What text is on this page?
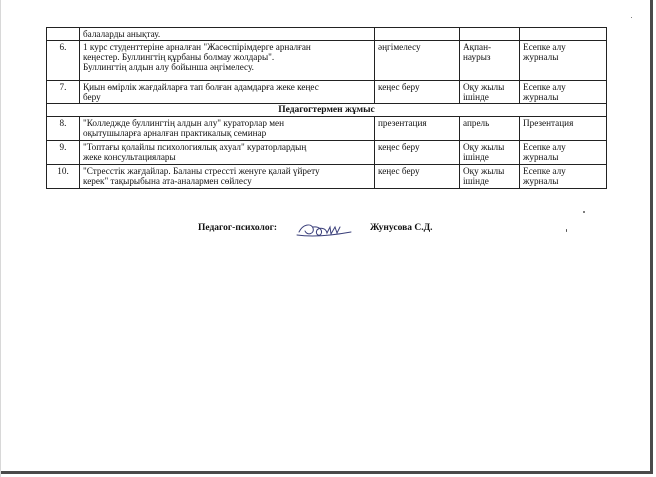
	балаларды анықтау.			

6.	1 курс студенттеріне арналған "Жасөспірімдерге арналған
кеңестер. Буллингтің құрбаны болмау жолдары".
Буллингтің алдын алу бойынша әңгімелесу.	әңгімелесу	Ақпан-наурыз	Есепке алу журналы
7.	Қиын өмірлік жағдайларға тап болған адамдарға жеке кеңес
беру	кеңес беру	Оқу жылы ішінде	Есепке алу журналы
Педагогтермен жұмыс				
8.	"Колледжде буллингтің алдын алу" кураторлар мен
оқытушыларға арналған практикалық семинар	презентация	апрель	Презентация
9.	"Топтағы қолайлы психологиялық ахуал" кураторлардың
жеке консультациялары	кеңес беру	Оқу жылы ішінде	Есепке алу журналы
10.	"Стресстік жағдайлар. Баланы стрессті женуге қалай үйрету
керек" тақырыбына ата-аналармен сөйлесу	кеңес беру	Оқу жылы ішінде	Есепке алу журналы
Педагог-психолог:	Жунусова С.Д.
